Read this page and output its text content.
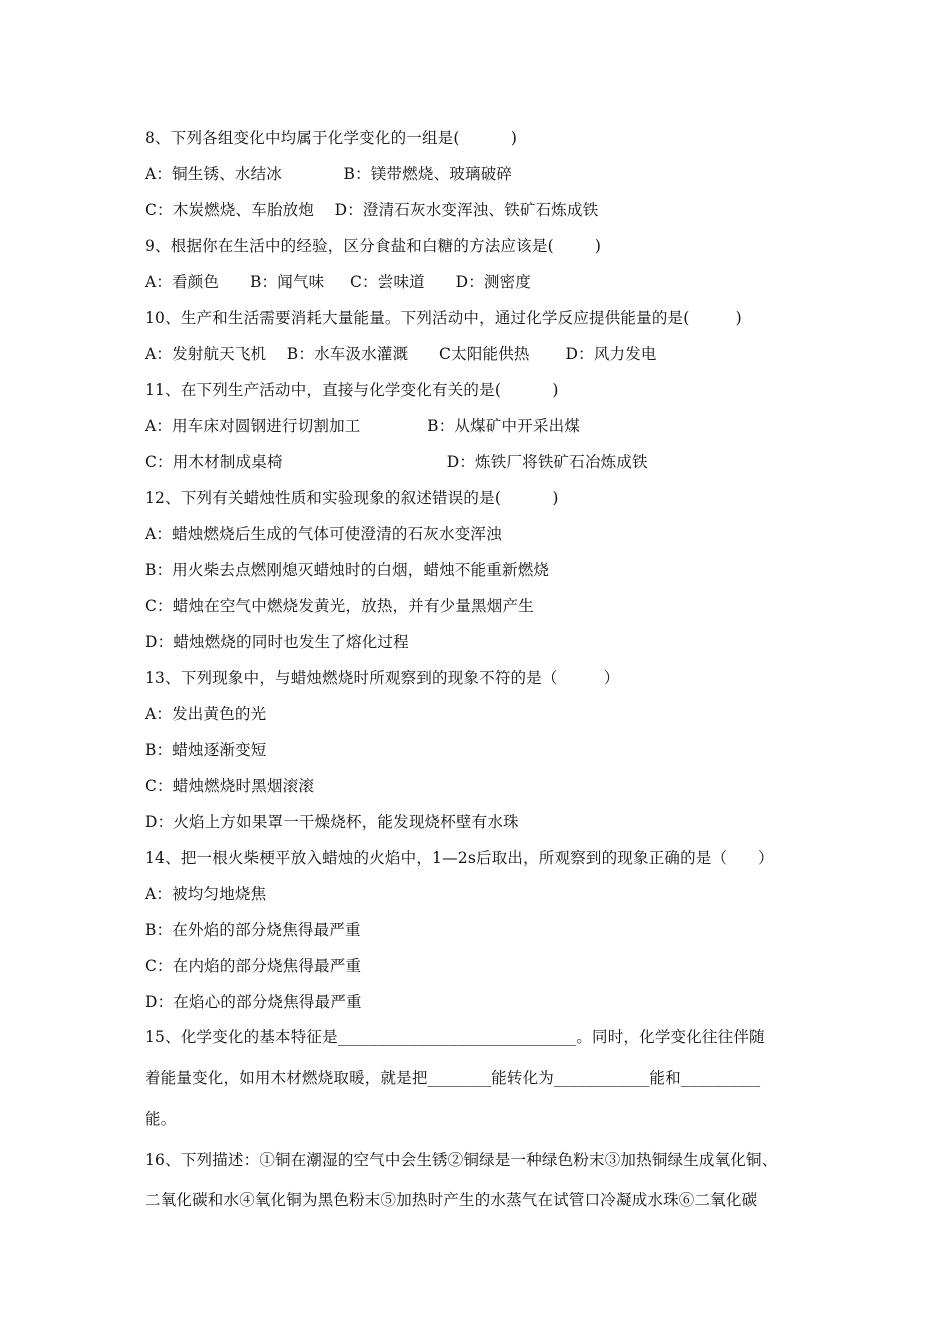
8、下列各组变化中均属于化学变化的一组是(          )
A：铜生锈、水结冰            B：镁带燃烧、玻璃破碎
C：木炭燃烧、车胎放炮    D：澄清石灰水变浑浊、铁矿石炼成铁
9、根据你在生活中的经验，区分食盐和白糖的方法应该是(        )
A：看颜色      B：闻气味     C：尝味道      D：测密度
10、生产和生活需要消耗大量能量。下列活动中，通过化学反应提供能量的是(         )
A：发射航天飞机    B：水车汲水灌溉      C太阳能供热       D：风力发电
11、在下列生产活动中，直接与化学变化有关的是(          )
A：用车床对圆钢进行切割加工             B：从煤矿中开采出煤
C：用木材制成桌椅                                D：炼铁厂将铁矿石冶炼成铁
12、下列有关蜡烛性质和实验现象的叙述错误的是(          )
A：蜡烛燃烧后生成的气体可使澄清的石灰水变浑浊
B：用火柴去点燃刚熄灭蜡烛时的白烟，蜡烛不能重新燃烧
C：蜡烛在空气中燃烧发黄光，放热，并有少量黑烟产生
D：蜡烛燃烧的同时也发生了熔化过程
13、下列现象中，与蜡烛燃烧时所观察到的现象不符的是（         ）
A：发出黄色的光
B：蜡烛逐渐变短
C：蜡烛燃烧时黑烟滚滚
D：火焰上方如果罩一干燥烧杯，能发现烧杯壁有水珠
14、把一根火柴梗平放入蜡烛的火焰中，1—2s后取出，所观察到的现象正确的是（      ）
A：被均匀地烧焦
B：在外焰的部分烧焦得最严重
C：在内焰的部分烧焦得最严重
D：在焰心的部分烧焦得最严重
15、化学变化的基本特征是______________________________。同时，化学变化往往伴随
着能量变化，如用木材燃烧取暖，就是把________能转化为____________能和__________
能。
16、下列描述：①铜在潮湿的空气中会生锈②铜绿是一种绿色粉末③加热铜绿生成氧化铜、
二氧化碳和水④氧化铜为黑色粉末⑤加热时产生的水蒸气在试管口冷凝成水珠⑥二氧化碳
